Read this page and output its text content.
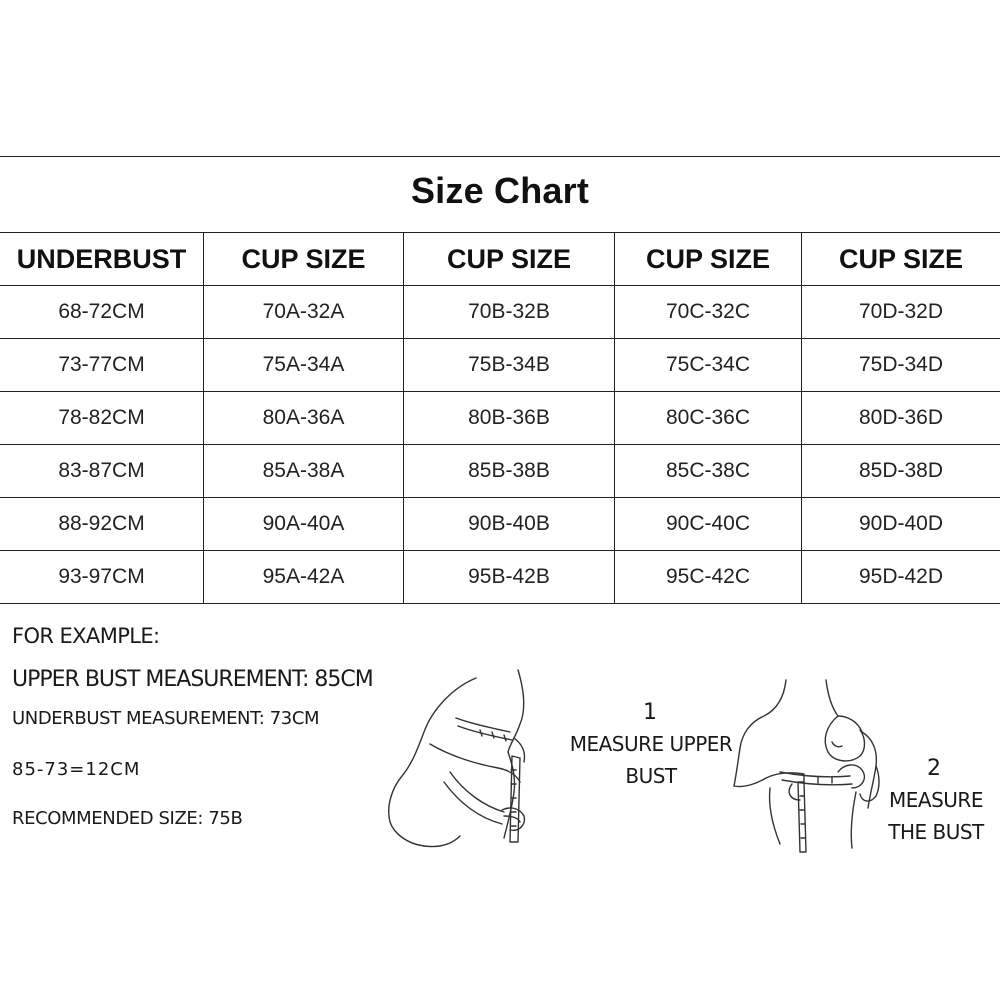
Size Chart
UNDERBUST	CUP SIZE	CUP SIZE	CUP SIZE	CUP SIZE
68-72CM	70A-32A	70B-32B	70C-32C	70D-32D
73-77CM	75A-34A	75B-34B	75C-34C	75D-34D
78-82CM	80A-36A	80B-36B	80C-36C	80D-36D
83-87CM	85A-38A	85B-38B	85C-38C	85D-38D
88-92CM	90A-40A	90B-40B	90C-40C	90D-40D
93-97CM	95A-42A	95B-42B	95C-42C	95D-42D
FOR EXAMPLE:
UPPER BUST MEASUREMENT: 85CM
UNDERBUST MEASUREMENT: 73CM
85-73=12CM
RECOMMENDED SIZE: 75B
1
MEASURE UPPER
BUST	2
MEASURE
THE BUST
